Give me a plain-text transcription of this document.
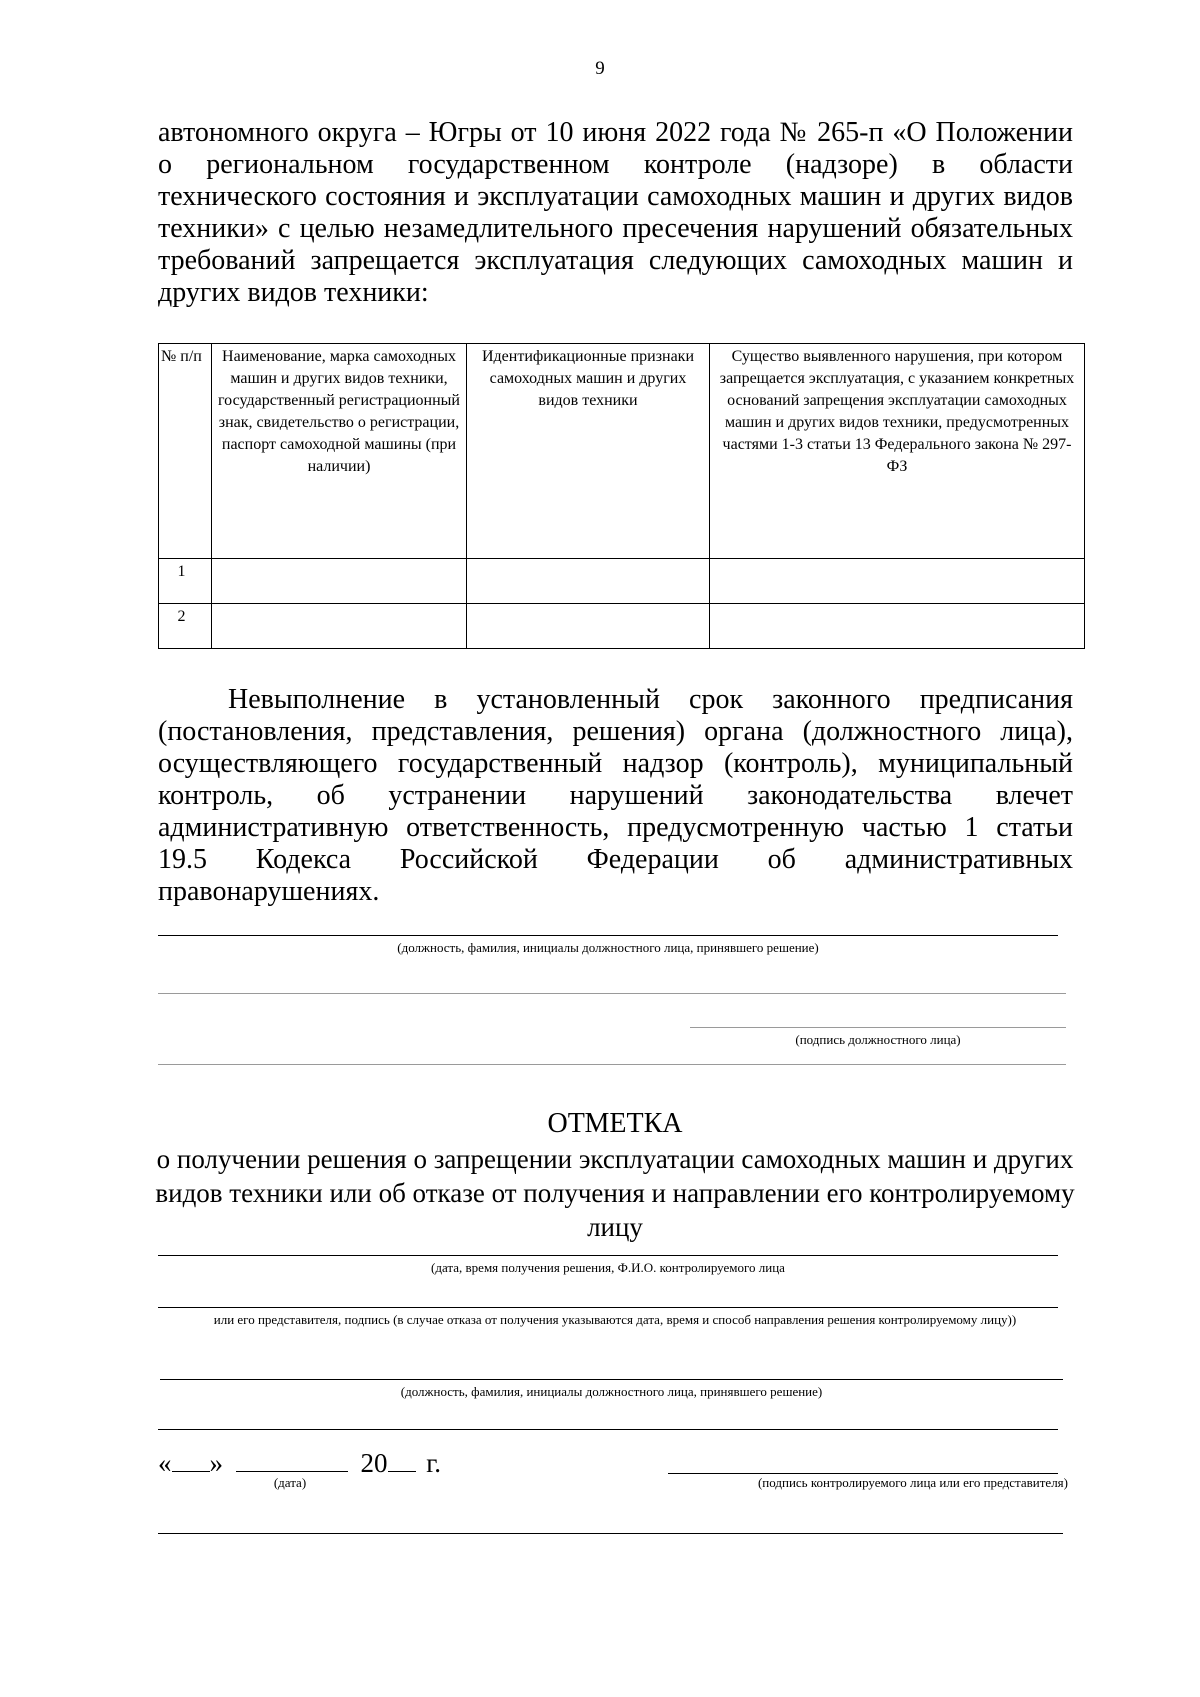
9
автономного округа – Югры от 10 июня 2022 года № 265-п «О Положении
о региональном государственном контроле (надзоре) в области
технического состояния и эксплуатации самоходных машин и других видов
техники» с целью незамедлительного пресечения нарушений обязательных
требований запрещается эксплуатация следующих самоходных машин и
других видов техники:
№ п/п	Наименование, марка самоходных машин и других видов техники, государственный регистрационный знак, свидетельство о регистрации, паспорт самоходной машины (при наличии)	Идентификационные признаки самоходных машин и других видов техники	Существо выявленного нарушения, при котором запрещается эксплуатация, с указанием конкретных оснований запрещения эксплуатации самоходных машин и других видов техники, предусмотренных частями 1-3 статьи 13 Федерального закона № 297-ФЗ
1			
2			
Невыполнение в установленный срок законного предписания
(постановления, представления, решения) органа (должностного лица),
осуществляющего государственный надзор (контроль), муниципальный
контроль, об устранении нарушений законодательства влечет
административную ответственность, предусмотренную частью 1 статьи
19.5 Кодекса Российской Федерации об административных
правонарушениях.
(должность, фамилия, инициалы должностного лица, принявшего решение)
(подпись должностного лица)
ОТМЕТКА
о получении решения о запрещении эксплуатации самоходных машин и других видов техники или об отказе от получения и направлении его контролируемому лицу
(дата, время получения решения, Ф.И.О. контролируемого лица
или его представителя, подпись (в случае отказа от получения указываются дата, время и способ направления решения контролируемому лицу))
(должность, фамилия, инициалы должностного лица, принявшего решение)
« »	20 г.
(дата)	(подпись контролируемого лица или его представителя)
